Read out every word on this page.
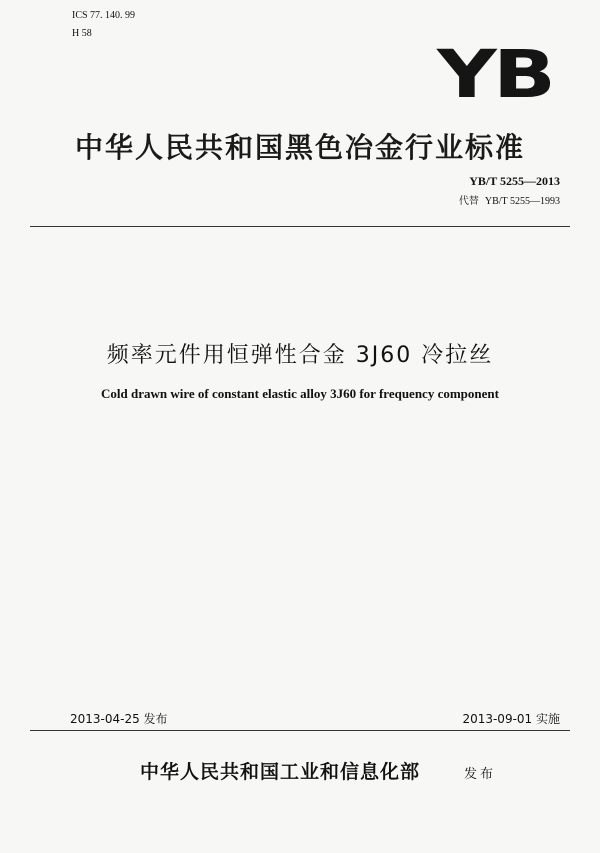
ICS 77. 140. 99
H 58
YB
中华人民共和国黑色冶金行业标准
YB/T 5255—2013
代替 YB/T 5255—1993
频率元件用恒弹性合金 3J60 冷拉丝
Cold drawn wire of constant elastic alloy 3J60 for frequency component
2013-04-25 发布	2013-09-01 实施
中华人民共和国工业和信息化部	发布
